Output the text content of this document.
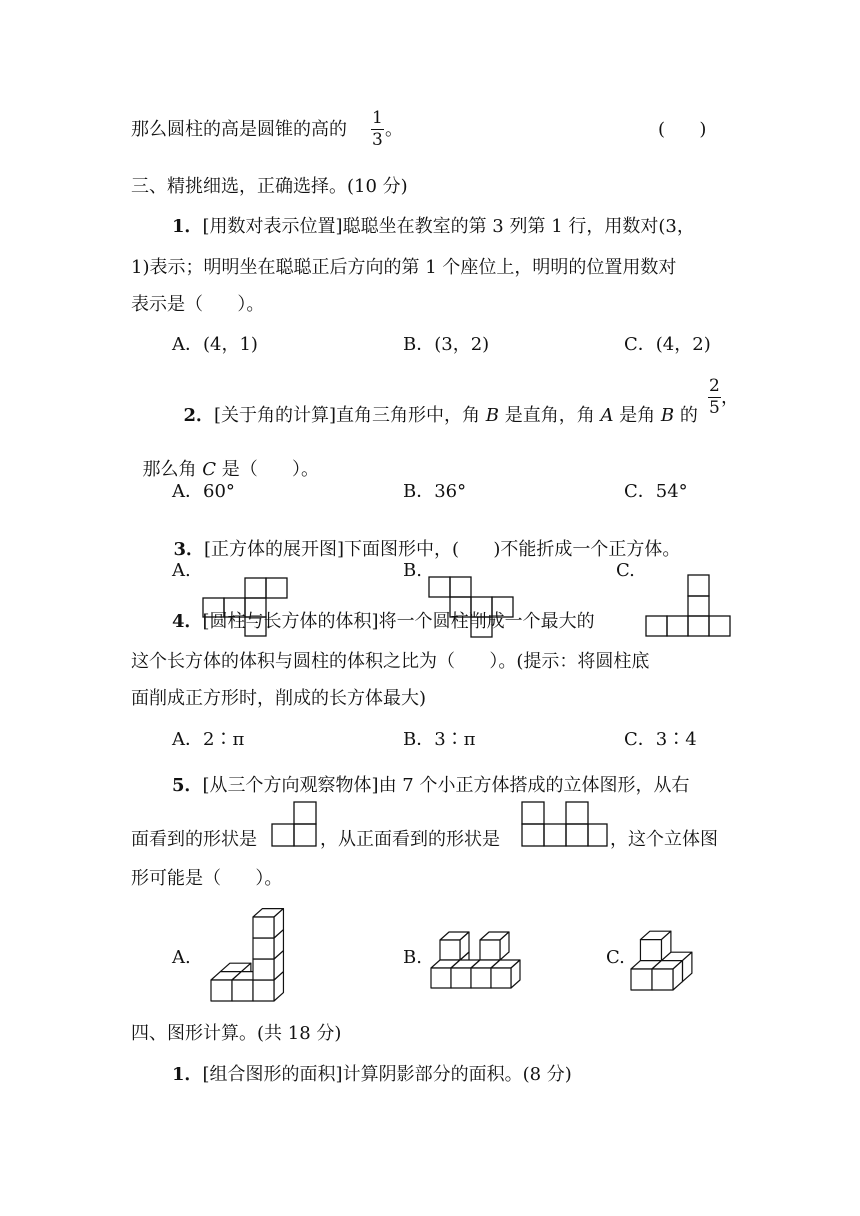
那么圆柱的高是圆锥的高的 $\frac{1}{3}$ 。	(      )
三、精挑细选，正确选择。(10 分)
1．[用数对表示位置]聪聪坐在教室的第 3 列第 1 行，用数对(3，
1)表示；明明坐在聪聪正后方向的第 1 个座位上，明明的位置用数对
表示是（      ）。
A．(4，1)	B．(3，2)	C．(4，2)

2．[关于角的计算]直角三角形中，角 B 是直角，角 A 是角 B 的 $\frac{2}{5}$ ，

那么角 C 是（      ）。

A．60°	B．36°	C．54°

3．[正方体的展开图]下面图形中，(      )不能折成一个正方体。

A.	B.	C.
4．[圆柱与长方体的体积]将一个圆柱削成一个最大的
这个长方体的体积与圆柱的体积之比为（      ）。(提示：将圆柱底
面削成正方形时，削成的长方体最大)
A．2∶π	B．3∶π	C．3∶4
5．[从三个方向观察物体]由 7 个小正方体搭成的立体图形，从右
面看到的形状是	，从正面看到的形状是	，这个立体图
形可能是（      ）。
A.	B.	C.
四、图形计算。(共 18 分)
1．[组合图形的面积]计算阴影部分的面积。(8 分)
